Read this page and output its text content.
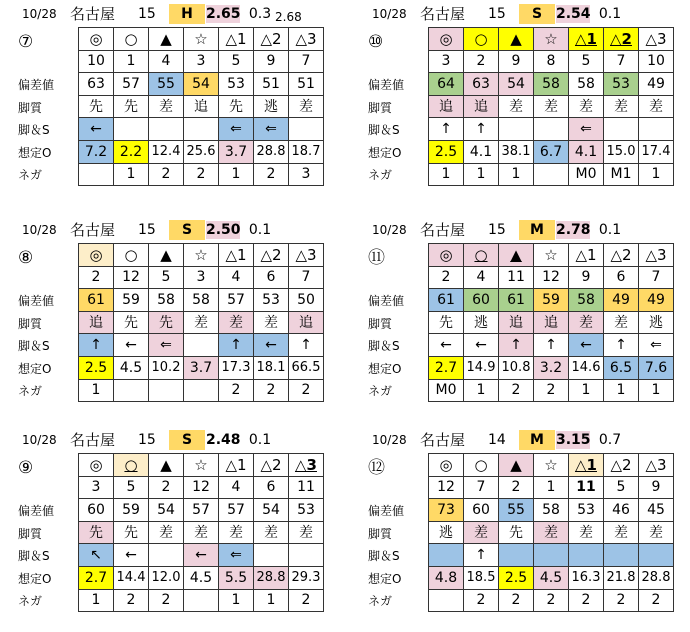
10/28 名古屋 15	H 2.65 0.3 2.68
⑦
偏差値
脚質
脚＆S
想定O
ネガ
◎	○	▲	☆	△1	△2	△3
10	1	4	3	5	9	7
63	57	55	54	53	51	51
先	先	差	追	先	逃	差
←				⇐	⇐	
7.2	2.2	12.4	25.6	3.7	28.8	18.7
	1	2	2	1	2	3
10/28 名古屋 15	S 2.54 0.1
⑩
偏差値
脚質
脚＆S
想定O
ネガ
◎	○	▲	☆	△1	△2	△3
3	2	9	8	5	7	10
64	63	54	58	58	53	49
追	追	差	差	差	差	差
↑	↑			⇐		
2.5	4.1	38.1	6.7	4.1	15.0	17.4
1	1	1		M0	M1	1
10/28 名古屋 15	S 2.50 0.1
⑧
偏差値
脚質
脚＆S
想定O
ネガ
◎	○	▲	☆	△1	△2	△3
2	12	5	3	4	6	7
61	59	58	58	57	53	50
追	先	先	差	差	差	追
↑	←	⇐		↑	←	↑
2.5	4.5	10.2	3.7	17.3	18.1	66.5
1				2	2	2
10/28 名古屋 15	M 2.78 0.1
⑪
偏差値
脚質
脚＆S
想定O
ネガ
◎	○	▲	☆	△1	△2	△3
2	4	11	12	9	6	7
61	60	61	59	58	49	49
先	逃	追	追	差	差	逃
←	←	↑	↑	←	↑	⇐
2.7	14.9	10.8	3.2	14.6	6.5	7.6
M0	1	2	2	1	1	1
10/28 名古屋 15	S 2.48 0.1
⑨
偏差値
脚質
脚＆S
想定O
ネガ
◎	○	▲	☆	△1	△2	△3
3	5	2	12	4	6	11
60	59	54	57	57	54	53
先	先	差	差	差	差	差
↖	←		←	⇐		
2.7	14.4	12.0	4.5	5.5	28.8	29.3
1	2	2		1	1	2
10/28 名古屋 14	M 3.15 0.7
⑫
偏差値
脚質
脚＆S
想定O
ネガ
◎	○	▲	☆	△1	△2	△3
12	7	2	1	11	5	9
73	60	55	58	53	46	45
逃	差	先	差	差	差	差
	↑					
4.8	18.5	2.5	4.5	16.3	21.8	28.8
	2	2	2	2	2	2
